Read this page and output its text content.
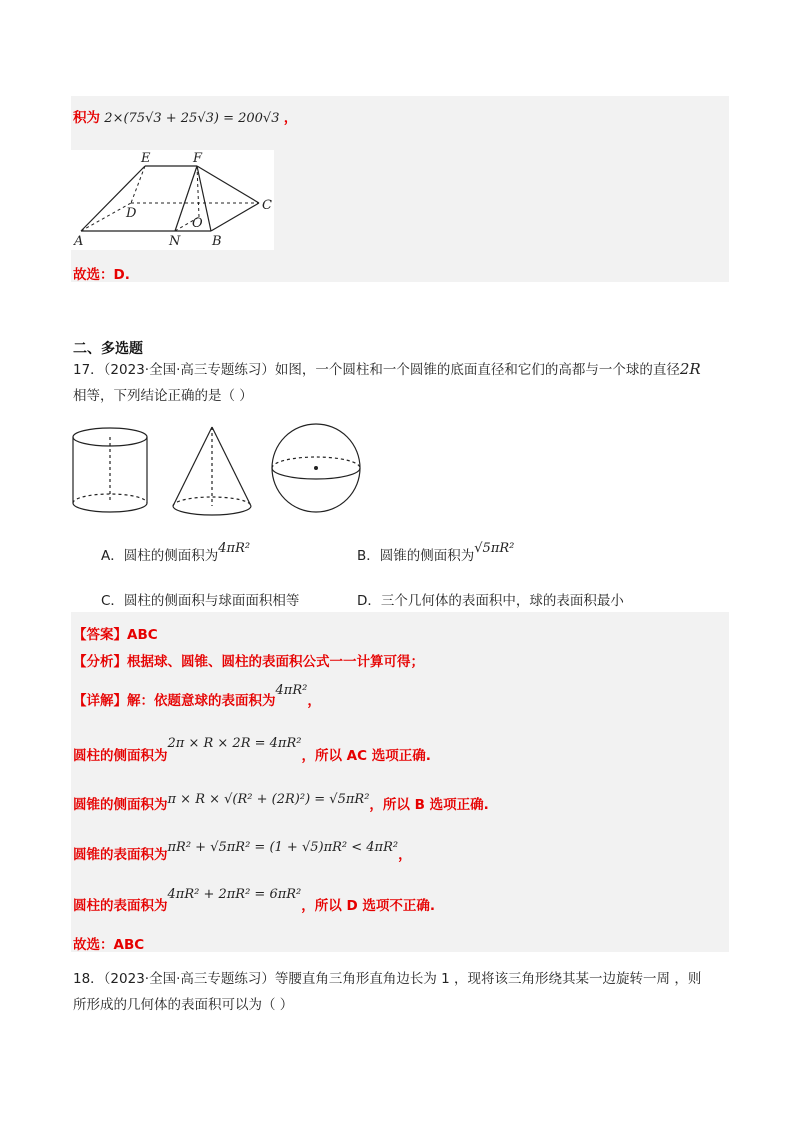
积为 2×(75√3 + 25√3) = 200√3 ，
E	F
D
C
O
A	N B
故选：D.
二、多选题
17．（2023·全国·高三专题练习）如图，一个圆柱和一个圆锥的底面直径和它们的高都与一个球的直径2R
相等，下列结论正确的是（ ）
A．圆柱的侧面积为4πR²	B．圆锥的侧面积为√5πR²
C．圆柱的侧面积与球面面积相等	D．三个几何体的表面积中，球的表面积最小
【答案】ABC
【分析】根据球、圆锥、圆柱的表面积公式一一计算可得；
【详解】解：依题意球的表面积为4πR²，
圆柱的侧面积为2π × R × 2R = 4πR²，所以 AC 选项正确.
圆锥的侧面积为π × R × √(R² + (2R)²) = √5πR²，所以 B 选项正确.
圆锥的表面积为πR² + √5πR² = (1 + √5)πR² < 4πR²，
圆柱的表面积为4πR² + 2πR² = 6πR²，所以 D 选项不正确.
故选：ABC
18．（2023·全国·高三专题练习）等腰直角三角形直角边长为 1 ，现将该三角形绕其某一边旋转一周 ，则
所形成的几何体的表面积可以为（ ）
